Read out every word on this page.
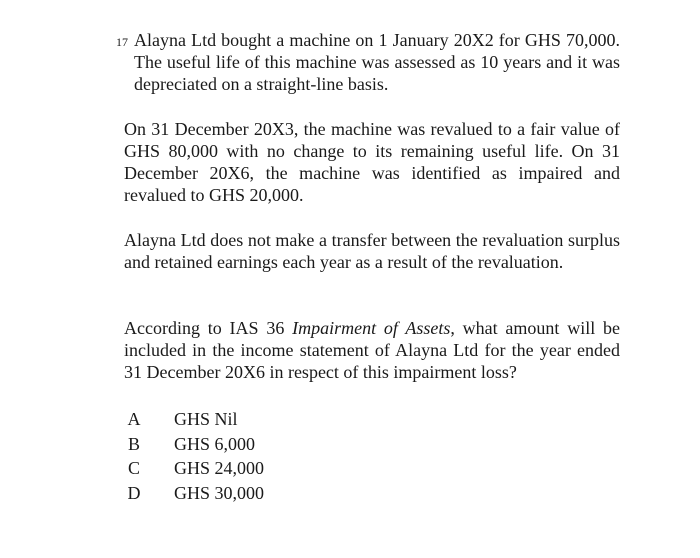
17 Alayna Ltd bought a machine on 1 January 20X2 for GHS 70,000. The useful life of this machine was assessed as 10 years and it was depreciated on a straight-line basis.

On 31 December 20X3, the machine was revalued to a fair value of GHS 80,000 with no change to its remaining useful life. On 31 December 20X6, the machine was identified as impaired and revalued to GHS 20,000.

Alayna Ltd does not make a transfer between the revaluation surplus and retained earnings each year as a result of the revaluation.

According to IAS 36 Impairment of Assets, what amount will be included in the income statement of Alayna Ltd for the year ended 31 December 20X6 in respect of this impairment loss?

A GHS Nil
B GHS 6,000
C GHS 24,000
D GHS 30,000
